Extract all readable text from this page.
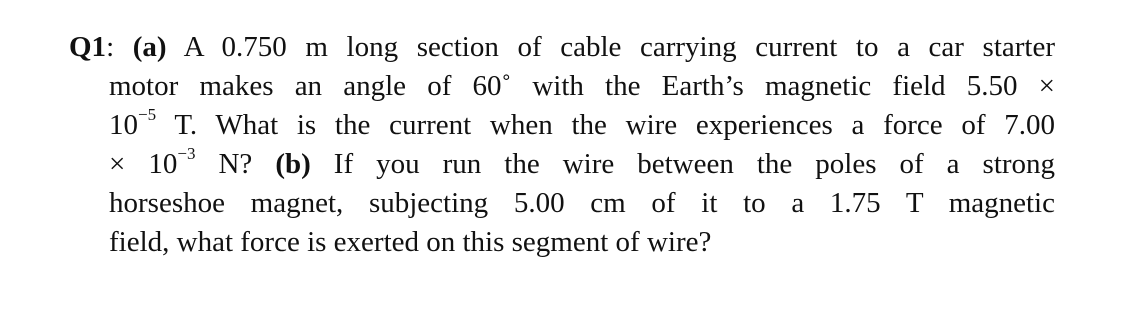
Q1: (a) A 0.750 m long section of cable carrying current to a car starter
motor makes an angle of 60˚ with the Earth’s magnetic field 5.50 ×
$10^{-5}$ T. What is the current when the wire experiences a force of 7.00
× $10^{-3}$ N? (b) If you run the wire between the poles of a strong
horseshoe magnet, subjecting 5.00 cm of it to a 1.75 T magnetic
field, what force is exerted on this segment of wire?
